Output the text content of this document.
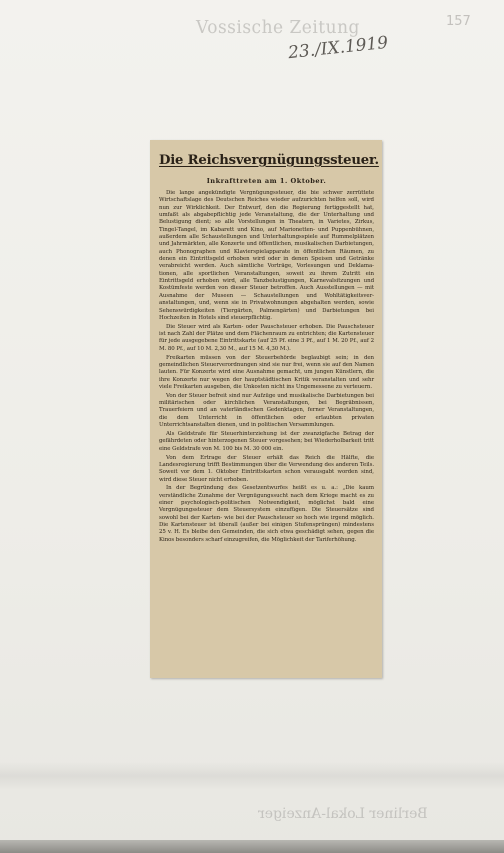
Vossische Zeitung
23./IX.1919
157
Die Reichsvergnügungssteuer.
Inkrafttreten am 1. Oktober.

Die lange angekündigte Vergnügungssteuer, die bie schwer zerrüttete Wirtschaftslage des Deutschen Reiches wieder aufzurichten helfen soll, wird nun zur Wirklichkeit. Der Entwurf, den die Regierung fertiggestellt hat, umfaßt als abgabepflichtig jede Veranstaltung, die der Unterhaltung und Belustigung dient; so alle Vorstellungen in Theatern, in Varietes, Zirkus, Tingel-Tangel, im Kabarett und Kino, auf Marionetten- und Puppenbühnen, außerdem alle Schaustellungen und Unterhaltungsspiele auf Rummelplätzen und Jahrmärkten, alle Konzerte und öffentlichen, musikalischen Darbietungen, auch Phonographen und Klavierspielapparate in öffentlichen Räumen, zu denen ein Eintrittsgeld erhoben wird oder in denen Speisen und Getränke verabreicht werden. Auch sämtliche Vorträge, Vorlesungen und Deklamationen, alle sportlichen Veranstaltungen, soweit zu ihrem Zutritt ein Eintrittsgeld erhoben wird, alle Tanzbelustigungen, Karnevalsitzungen und Kostümfeste werden von dieser Steuer betroffen. Auch Ausstellungen — mit Ausnahme der Museen — Schaustellungen und Wohltätigkeitsveranstaltungen, und, wenn sie in Privatwohnungen abgehalten werden, sowie Sehenswürdigkeiten (Tiergärten, Palmengärten) und Darbietungen bei Hochzeiten in Hotels sind steuerpflichtig.

Die Steuer wird als Karten- oder Pauschsteuer erhoben. Die Pauschsteuer ist nach Zahl der Plätze und dem Flächenraum zu entrichten; die Kartensteuer für jede ausgegebene Eintrittskarte (auf 25 Pf. eine 3 Pf., auf 1 M. 20 Pf., auf 2 M. 80 Pf., auf 10 M. 2,30 M., auf 15 M. 4,30 M.).

Freikarten müssen von der Steuerbehörde beglaubigt sein; in den gemeindlichen Steuerverordnungen sind sie nur frei, wenn sie auf den Namen lauten. Für Konzerte wird eine Ausnahme gemacht, um jungen Künstlern, die ihre Konzerte nur wegen der hauptstädtischen Kritik veranstalten und sehr viele Freikarten ausgeben, die Unkosten nicht ins Ungemessene zu verteuern.

Von der Steuer befreit sind nur Aufzüge und musikalische Darbietungen bei militärischen oder kirchlichen Veranstaltungen, bei Begräbnissen, Trauerfeiern und an vaterländischen Gedenktagen, ferner Veranstaltungen, die dem Unterricht in öffentlichen oder erlaubten privaten Unterrichtsanstalten dienen, und in politischen Versammlungen.

Als Geldstrafe für Steuerhinterziehung ist der zwanzigfache Betrag der gefährdeten oder hinterzogenen Steuer vorgesehen; bei Wiederholbarkeit tritt eine Geldstrafe von M. 100 bis M. 30 000 ein.

Von dem Ertrage der Steuer erhält das Reich die Hälfte, die Landesregierung trifft Bestimmungen über die Verwendung des anderen Teils. Soweit vor dem 1. Oktober Eintrittskarten schon verausgabt worden sind, wird diese Steuer nicht erhoben.

In der Begründung des Gesetzentwurfes heißt es u. a.: „Die kaum verständliche Zunahme der Vergnügungssucht nach dem Kriege macht es zu einer psychologisch-politischen Notwendigkeit, möglichst bald eine Vergnügungssteuer dem Steuersystem einzufügen. Die Steuersätze sind sowohl bei der Karten- wie bei der Pauschsteuer so hoch wie irgend möglich. Die Kartensteuer ist überall (außer bei einigen Stufensprüngen) mindestens 25 v. H. Es bleibe den Gemeinden, die sich etwa geschädigt sehen, gegen die Kinos besonders scharf einzugreifen, die Möglichkeit der Tariferhöhung.

Berliner Lokal-Anzeiger
